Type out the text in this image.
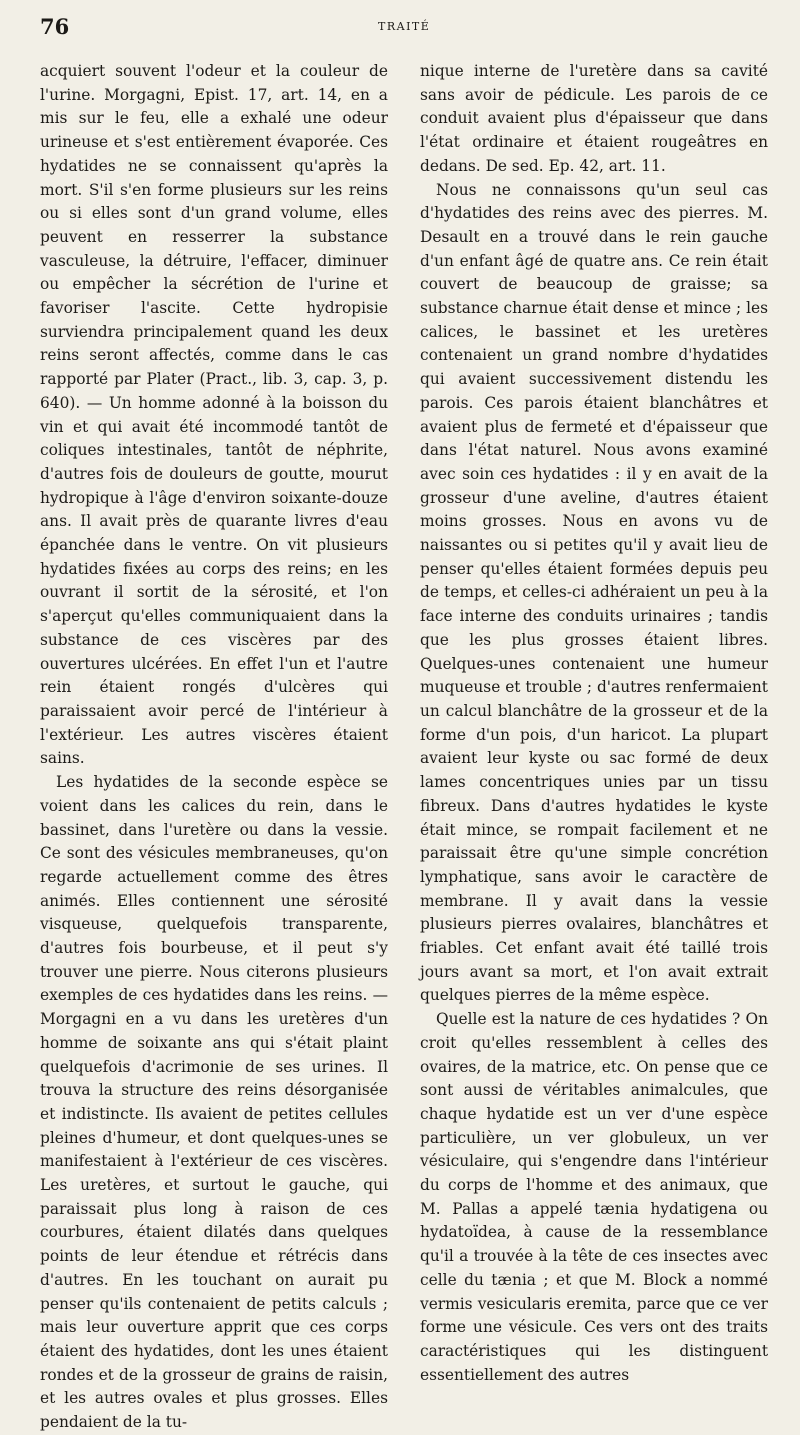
76	TRAITÉ

acquiert souvent l'odeur et la couleur de l'urine. Morgagni, Epist. 17, art. 14, en a mis sur le feu, elle a exhalé une odeur urineuse et s'est entièrement évaporée. Ces hydatides ne se connaissent qu'après la mort. S'il s'en forme plusieurs sur les reins ou si elles sont d'un grand volume, elles peuvent en resserrer la substance vasculeuse, la détruire, l'effacer, diminuer ou empêcher la sécrétion de l'urine et favoriser l'ascite. Cette hydropisie surviendra principalement quand les deux reins seront affectés, comme dans le cas rapporté par Plater (Pract., lib. 3, cap. 3, p. 640). — Un homme adonné à la boisson du vin et qui avait été incommodé tantôt de coliques intestinales, tantôt de néphrite, d'autres fois de douleurs de goutte, mourut hydropique à l'âge d'environ soixante-douze ans. Il avait près de quarante livres d'eau épanchée dans le ventre. On vit plusieurs hydatides fixées au corps des reins; en les ouvrant il sortit de la sérosité, et l'on s'aperçut qu'elles communiquaient dans la substance de ces viscères par des ouvertures ulcérées. En effet l'un et l'autre rein étaient rongés d'ulcères qui paraissaient avoir percé de l'intérieur à l'extérieur. Les autres viscères étaient sains.

Les hydatides de la seconde espèce se voient dans les calices du rein, dans le bassinet, dans l'uretère ou dans la vessie. Ce sont des vésicules membraneuses, qu'on regarde actuellement comme des êtres animés. Elles contiennent une sérosité visqueuse, quelquefois transparente, d'autres fois bourbeuse, et il peut s'y trouver une pierre. Nous citerons plusieurs exemples de ces hydatides dans les reins. — Morgagni en a vu dans les uretères d'un homme de soixante ans qui s'était plaint quelquefois d'acrimonie de ses urines. Il trouva la structure des reins désorganisée et indistincte. Ils avaient de petites cellules pleines d'humeur, et dont quelques-unes se manifestaient à l'extérieur de ces viscères. Les uretères, et surtout le gauche, qui paraissait plus long à raison de ces courbures, étaient dilatés dans quelques points de leur étendue et rétrécis dans d'autres. En les touchant on aurait pu penser qu'ils contenaient de petits calculs ; mais leur ouverture apprit que ces corps étaient des hydatides, dont les unes étaient rondes et de la grosseur de grains de raisin, et les autres ovales et plus grosses. Elles pendaient de la tu-

nique interne de l'uretère dans sa cavité sans avoir de pédicule. Les parois de ce conduit avaient plus d'épaisseur que dans l'état ordinaire et étaient rougeâtres en dedans. De sed. Ep. 42, art. 11.

Nous ne connaissons qu'un seul cas d'hydatides des reins avec des pierres. M. Desault en a trouvé dans le rein gauche d'un enfant âgé de quatre ans. Ce rein était couvert de beaucoup de graisse; sa substance charnue était dense et mince ; les calices, le bassinet et les uretères contenaient un grand nombre d'hydatides qui avaient successivement distendu les parois. Ces parois étaient blanchâtres et avaient plus de fermeté et d'épaisseur que dans l'état naturel. Nous avons examiné avec soin ces hydatides : il y en avait de la grosseur d'une aveline, d'autres étaient moins grosses. Nous en avons vu de naissantes ou si petites qu'il y avait lieu de penser qu'elles étaient formées depuis peu de temps, et celles-ci adhéraient un peu à la face interne des conduits urinaires ; tandis que les plus grosses étaient libres. Quelques-unes contenaient une humeur muqueuse et trouble ; d'autres renfermaient un calcul blanchâtre de la grosseur et de la forme d'un pois, d'un haricot. La plupart avaient leur kyste ou sac formé de deux lames concentriques unies par un tissu fibreux. Dans d'autres hydatides le kyste était mince, se rompait facilement et ne paraissait être qu'une simple concrétion lymphatique, sans avoir le caractère de membrane. Il y avait dans la vessie plusieurs pierres ovalaires, blanchâtres et friables. Cet enfant avait été taillé trois jours avant sa mort, et l'on avait extrait quelques pierres de la même espèce.

Quelle est la nature de ces hydatides ? On croit qu'elles ressemblent à celles des ovaires, de la matrice, etc. On pense que ce sont aussi de véritables animalcules, que chaque hydatide est un ver d'une espèce particulière, un ver globuleux, un ver vésiculaire, qui s'engendre dans l'intérieur du corps de l'homme et des animaux, que M. Pallas a appelé tænia hydatigena ou hydatoïdea, à cause de la ressemblance qu'il a trouvée à la tête de ces insectes avec celle du tænia ; et que M. Block a nommé vermis vesicularis eremita, parce que ce ver forme une vésicule. Ces vers ont des traits caractéristiques qui les distinguent essentiellement des autres
